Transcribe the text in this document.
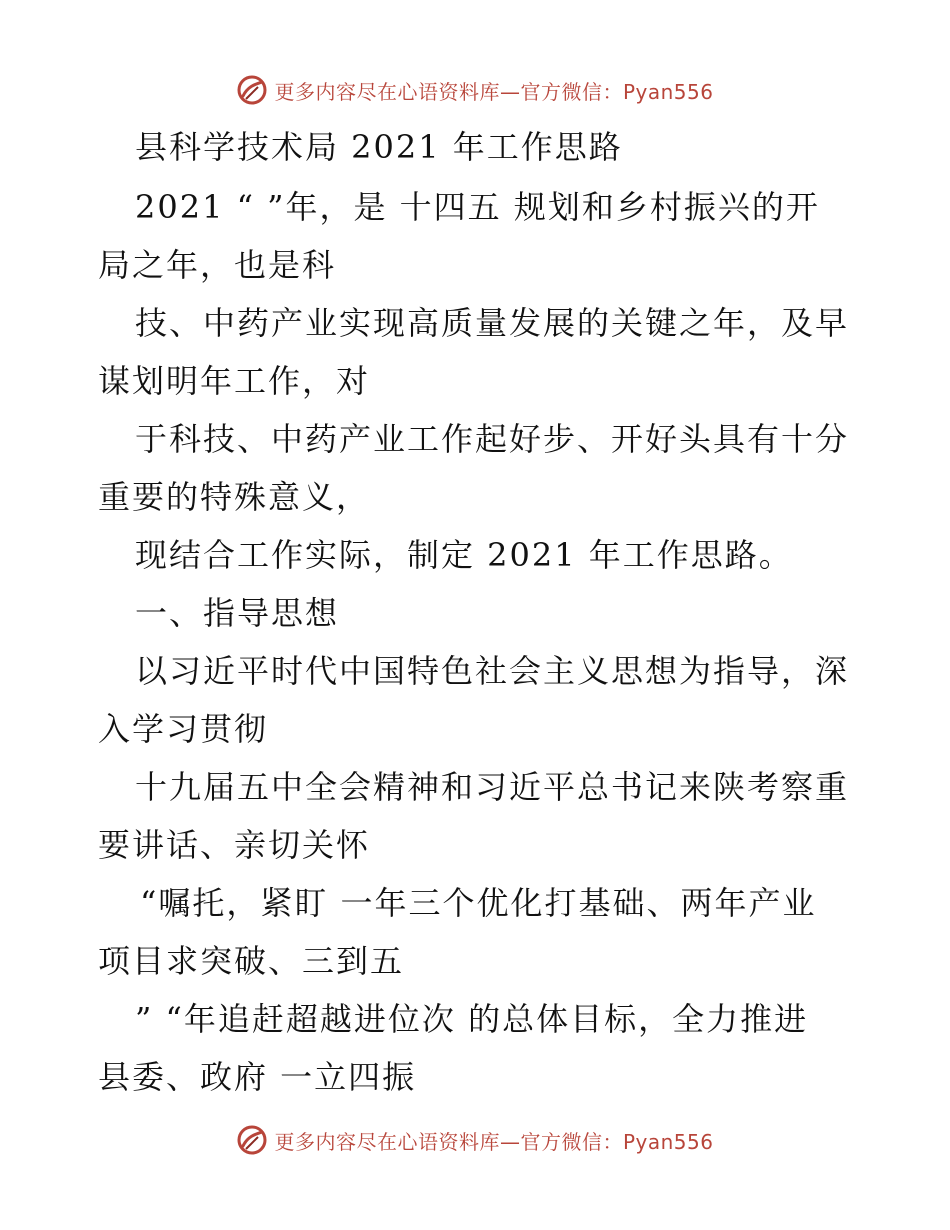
更多内容尽在心语资料库—官方微信：Pyan556
县科学技术局 2021 年工作思路
2021 “ ”年，是 十四五 规划和乡村振兴的开
局之年，也是科
技、中药产业实现高质量发展的关键之年，及早
谋划明年工作，对
于科技、中药产业工作起好步、开好头具有十分
重要的特殊意义，
现结合工作实际，制定 2021 年工作思路。
一、指导思想
以习近平时代中国特色社会主义思想为指导，深
入学习贯彻
十九届五中全会精神和习近平总书记来陕考察重
要讲话、亲切关怀
“嘱托，紧盯 一年三个优化打基础、两年产业
项目求突破、三到五
” “年追赶超越进位次 的总体目标，全力推进
县委、政府 一立四振
更多内容尽在心语资料库—官方微信：Pyan556
